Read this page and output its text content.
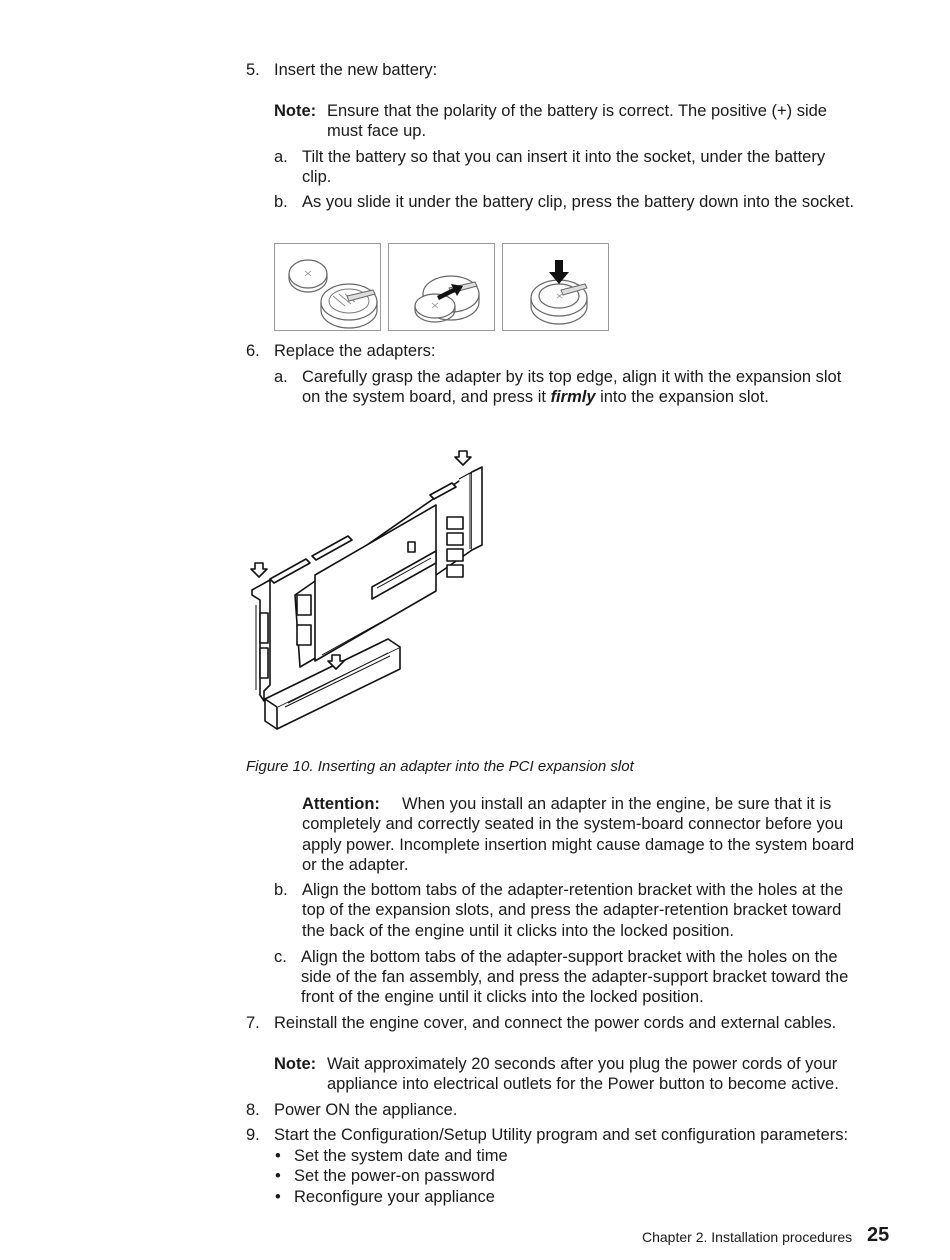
5. Insert the new battery:
Note: Ensure that the polarity of the battery is correct. The positive (+) side
must face up.
a. Tilt the battery so that you can insert it into the socket, under the battery
clip.
b. As you slide it under the battery clip, press the battery down into the socket.
6. Replace the adapters:
a. Carefully grasp the adapter by its top edge, align it with the expansion slot
on the system board, and press it firmly into the expansion slot.
Figure 10. Inserting an adapter into the PCI expansion slot
Attention: When you install an adapter in the engine, be sure that it is
completely and correctly seated in the system-board connector before you
apply power. Incomplete insertion might cause damage to the system board
or the adapter.
b. Align the bottom tabs of the adapter-retention bracket with the holes at the
top of the expansion slots, and press the adapter-retention bracket toward
the back of the engine until it clicks into the locked position.
c. Align the bottom tabs of the adapter-support bracket with the holes on the
side of the fan assembly, and press the adapter-support bracket toward the
front of the engine until it clicks into the locked position.
7. Reinstall the engine cover, and connect the power cords and external cables.
Note: Wait approximately 20 seconds after you plug the power cords of your
appliance into electrical outlets for the Power button to become active.
8. Power ON the appliance.
9. Start the Configuration/Setup Utility program and set configuration parameters:
• Set the system date and time
• Set the power-on password
• Reconfigure your appliance
Chapter 2. Installation procedures 25
